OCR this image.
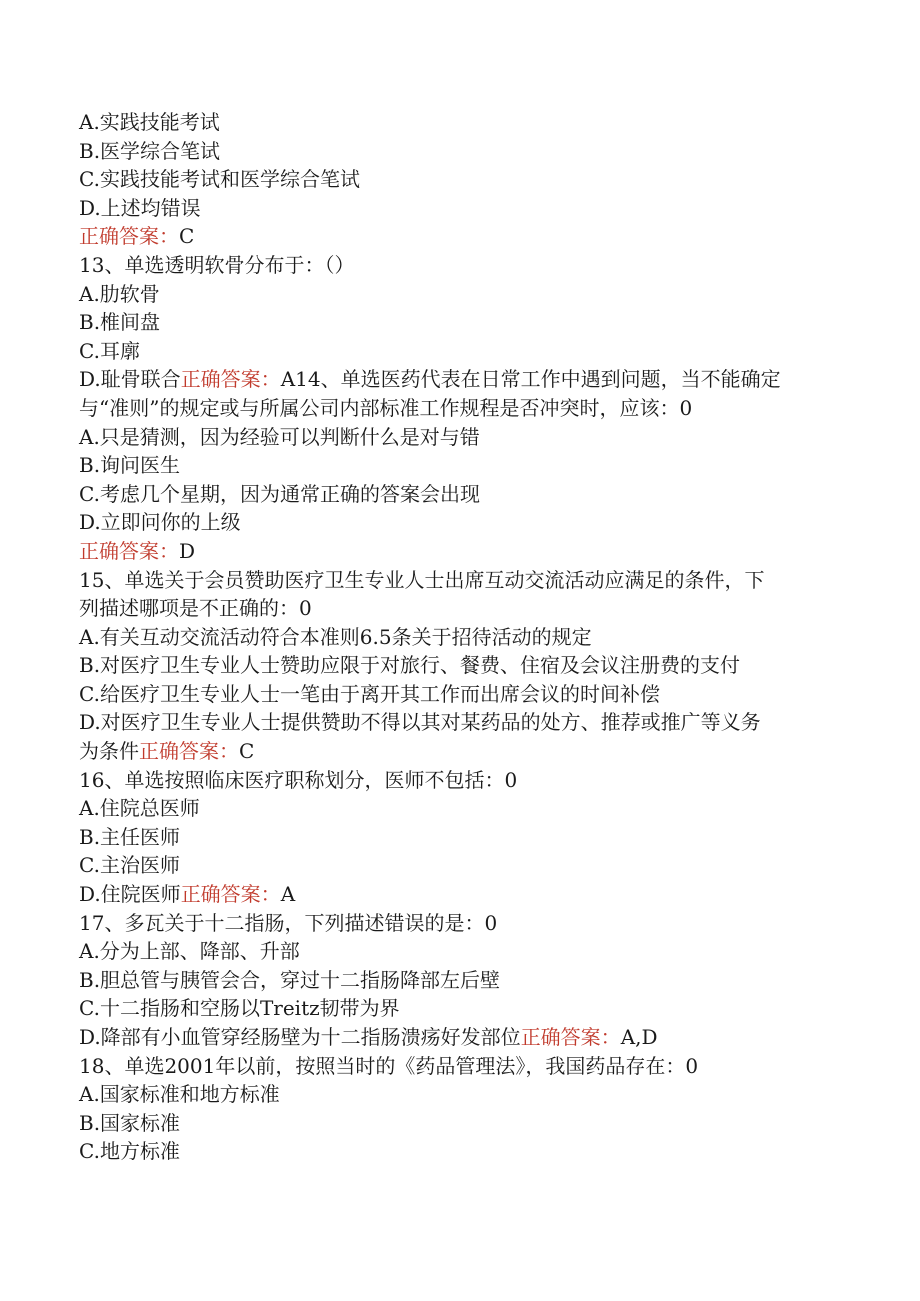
A.实践技能考试
B.医学综合笔试
C.实践技能考试和医学综合笔试
D.上述均错误
正确答案：C
13、单选透明软骨分布于：（）
A.肋软骨
B.椎间盘
C.耳廓
D.耻骨联合正确答案：A14、单选医药代表在日常工作中遇到问题，当不能确定
与“准则”的规定或与所属公司内部标准工作规程是否冲突时，应该：0
A.只是猜测，因为经验可以判断什么是对与错
B.询问医生
C.考虑几个星期，因为通常正确的答案会出现
D.立即问你的上级
正确答案：D
15、单选关于会员赞助医疗卫生专业人士出席互动交流活动应满足的条件，下
列描述哪项是不正确的：0
A.有关互动交流活动符合本准则6.5条关于招待活动的规定
B.对医疗卫生专业人士赞助应限于对旅行、餐费、住宿及会议注册费的支付
C.给医疗卫生专业人士一笔由于离开其工作而出席会议的时间补偿
D.对医疗卫生专业人士提供赞助不得以其对某药品的处方、推荐或推广等义务
为条件正确答案：C
16、单选按照临床医疗职称划分，医师不包括：0
A.住院总医师
B.主任医师
C.主治医师
D.住院医师正确答案：A
17、多瓦关于十二指肠，下列描述错误的是：0
A.分为上部、降部、升部
B.胆总管与胰管会合，穿过十二指肠降部左后壁
C.十二指肠和空肠以Treitz韧带为界
D.降部有小血管穿经肠壁为十二指肠溃疡好发部位正确答案：A,D
18、单选2001年以前，按照当时的《药品管理法》，我国药品存在：0
A.国家标准和地方标准
B.国家标准
C.地方标准
